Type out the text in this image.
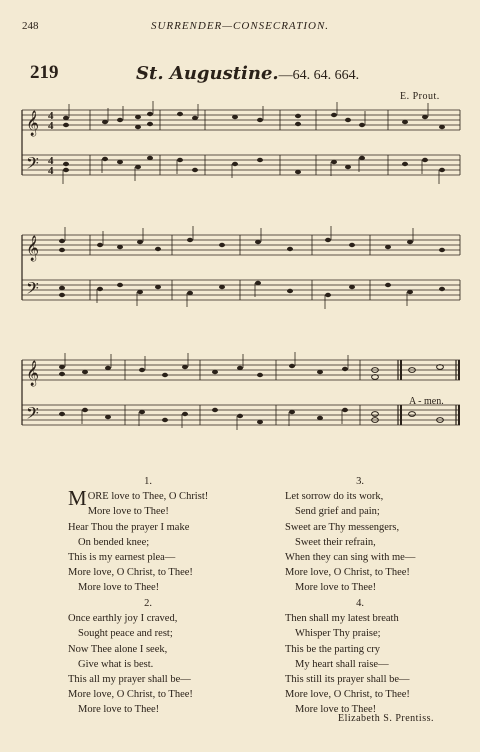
248	SURRENDER—CONSECRATION.
219	St. Augustine.—64. 64. 664.
E. Prout.
𝄞
𝄢
4
4
4
4
𝄞
𝄢
𝄞
𝄢
A - men.
1.
MORE love to Thee, O Christ!
More love to Thee!
Hear Thou the prayer I make
On bended knee;
This is my earnest plea—
More love, O Christ, to Thee!
More love to Thee!
3.
Let sorrow do its work,
Send grief and pain;
Sweet are Thy messengers,
Sweet their refrain,
When they can sing with me—
More love, O Christ, to Thee!
More love to Thee!
2.
Once earthly joy I craved,
Sought peace and rest;
Now Thee alone I seek,
Give what is best.
This all my prayer shall be—
More love, O Christ, to Thee!
More love to Thee!
4.
Then shall my latest breath
Whisper Thy praise;
This be the parting cry
My heart shall raise—
This still its prayer shall be—
More love, O Christ, to Thee!
More love to Thee!
Elizabeth S. Prentiss.
